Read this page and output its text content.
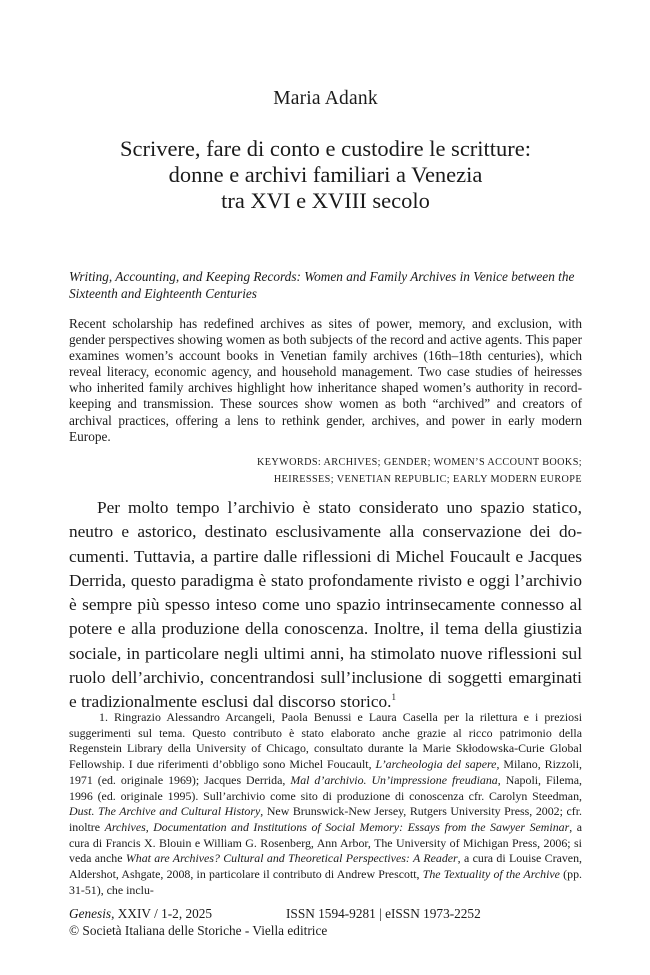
Maria Adank
Scrivere, fare di conto e custodire le scritture:
donne e archivi familiari a Venezia
tra XVI e XVIII secolo
Writing, Accounting, and Keeping Records: Women and Family Archives in Venice between the Sixteenth and Eighteenth Centuries
Recent scholarship has redefined archives as sites of power, memory, and exclusion, with gender perspectives showing women as both subjects of the record and active agents. This paper examines women’s account books in Venetian family archives (16th–18th centuries), which reveal literacy, economic agency, and household management. Two case studies of heiresses who inherited family archives highlight how inheritance shaped women’s authority in record-keeping and transmission. These sources show women as both “archived” and creators of archival practices, offering a lens to rethink gender, archives, and power in early modern Europe.
KEYWORDS: ARCHIVES; GENDER; WOMEN’S ACCOUNT BOOKS;
HEIRESSES; VENETIAN REPUBLIC; EARLY MODERN EUROPE

Per molto tempo l’archivio è stato considerato uno spazio statico, neutro e astorico, destinato esclusivamente alla conservazione dei documenti. Tuttavia, a partire dalle riflessioni di Michel Foucault e Jacques Derrida, questo paradigma è stato profondamente rivisto e oggi l’archivio è sempre più spesso inteso come uno spazio intrinsecamente connesso al potere e alla produzione della conoscenza. Inoltre, il tema della giustizia sociale, in particolare negli ultimi anni, ha stimolato nuove riflessioni sul ruolo dell’archivio, concentrandosi sull’inclusione di soggetti emarginati e tradizionalmente esclusi dal discorso storico.$^1$

1. Ringrazio Alessandro Arcangeli, Paola Benussi e Laura Casella per la rilettura e i preziosi suggerimenti sul tema. Questo contributo è stato elaborato anche grazie al ricco patrimonio della Regenstein Library della University of Chicago, consultato durante la Marie Skłodowska-Curie Global Fellowship. I due riferimenti d’obbligo sono Michel Foucault, L’archeologia del sapere, Milano, Rizzoli, 1971 (ed. originale 1969); Jacques Derrida, Mal d’archivio. Un’impressione freudiana, Napoli, Filema, 1996 (ed. originale 1995). Sull’archivio come sito di produzione di conoscenza cfr. Carolyn Steedman, Dust. The Archive and Cultural History, New Brunswick-New Jersey, Rutgers University Press, 2002; cfr. inoltre Archives, Documentation and Institutions of Social Memory: Essays from the Sawyer Seminar, a cura di Francis X. Blouin e William G. Rosenberg, Ann Arbor, The University of Michigan Press, 2006; si veda anche What are Archives? Cultural and Theoretical Perspectives: A Reader, a cura di Louise Craven, Aldershot, Ashgate, 2008, in particolare il contributo di Andrew Prescott, The Textuality of the Archive (pp. 31-51), che inclu-

Genesis, XXIV / 1-2, 2025	ISSN 1594-9281 | eISSN 1973-2252
© Società Italiana delle Storiche - Viella editrice
